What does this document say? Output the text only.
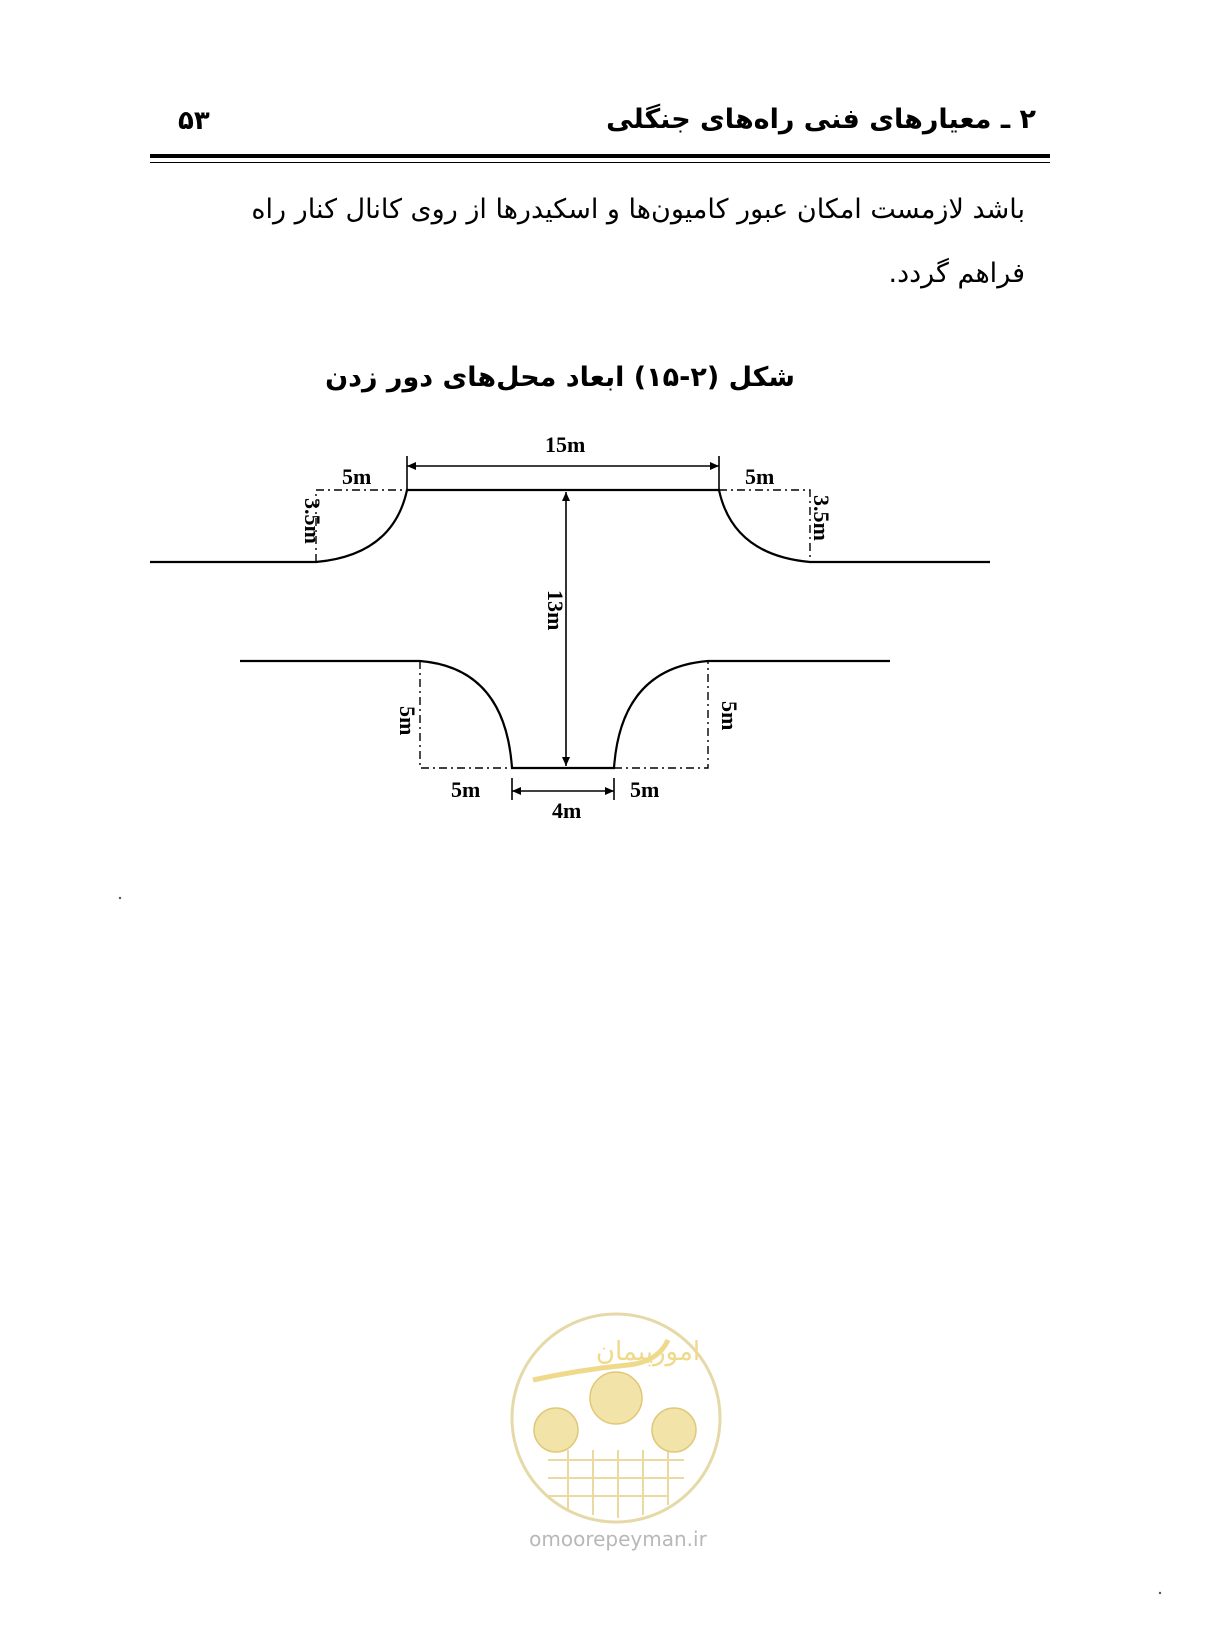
۵۳	۲ ـ معیارهای فنی راه‌های جنگلی
باشد لازمست امکان عبور کامیون‌ها و اسکیدرها از روی کانال کنار راه
فراهم گردد.
شکل (۲-۱۵) ابعاد محل‌های دور زدن
15m
5m	5m
3.5m	3.5m
13m
5m	5m
5m	5m
4m
امورپیمان
omoorepeyman.ir
